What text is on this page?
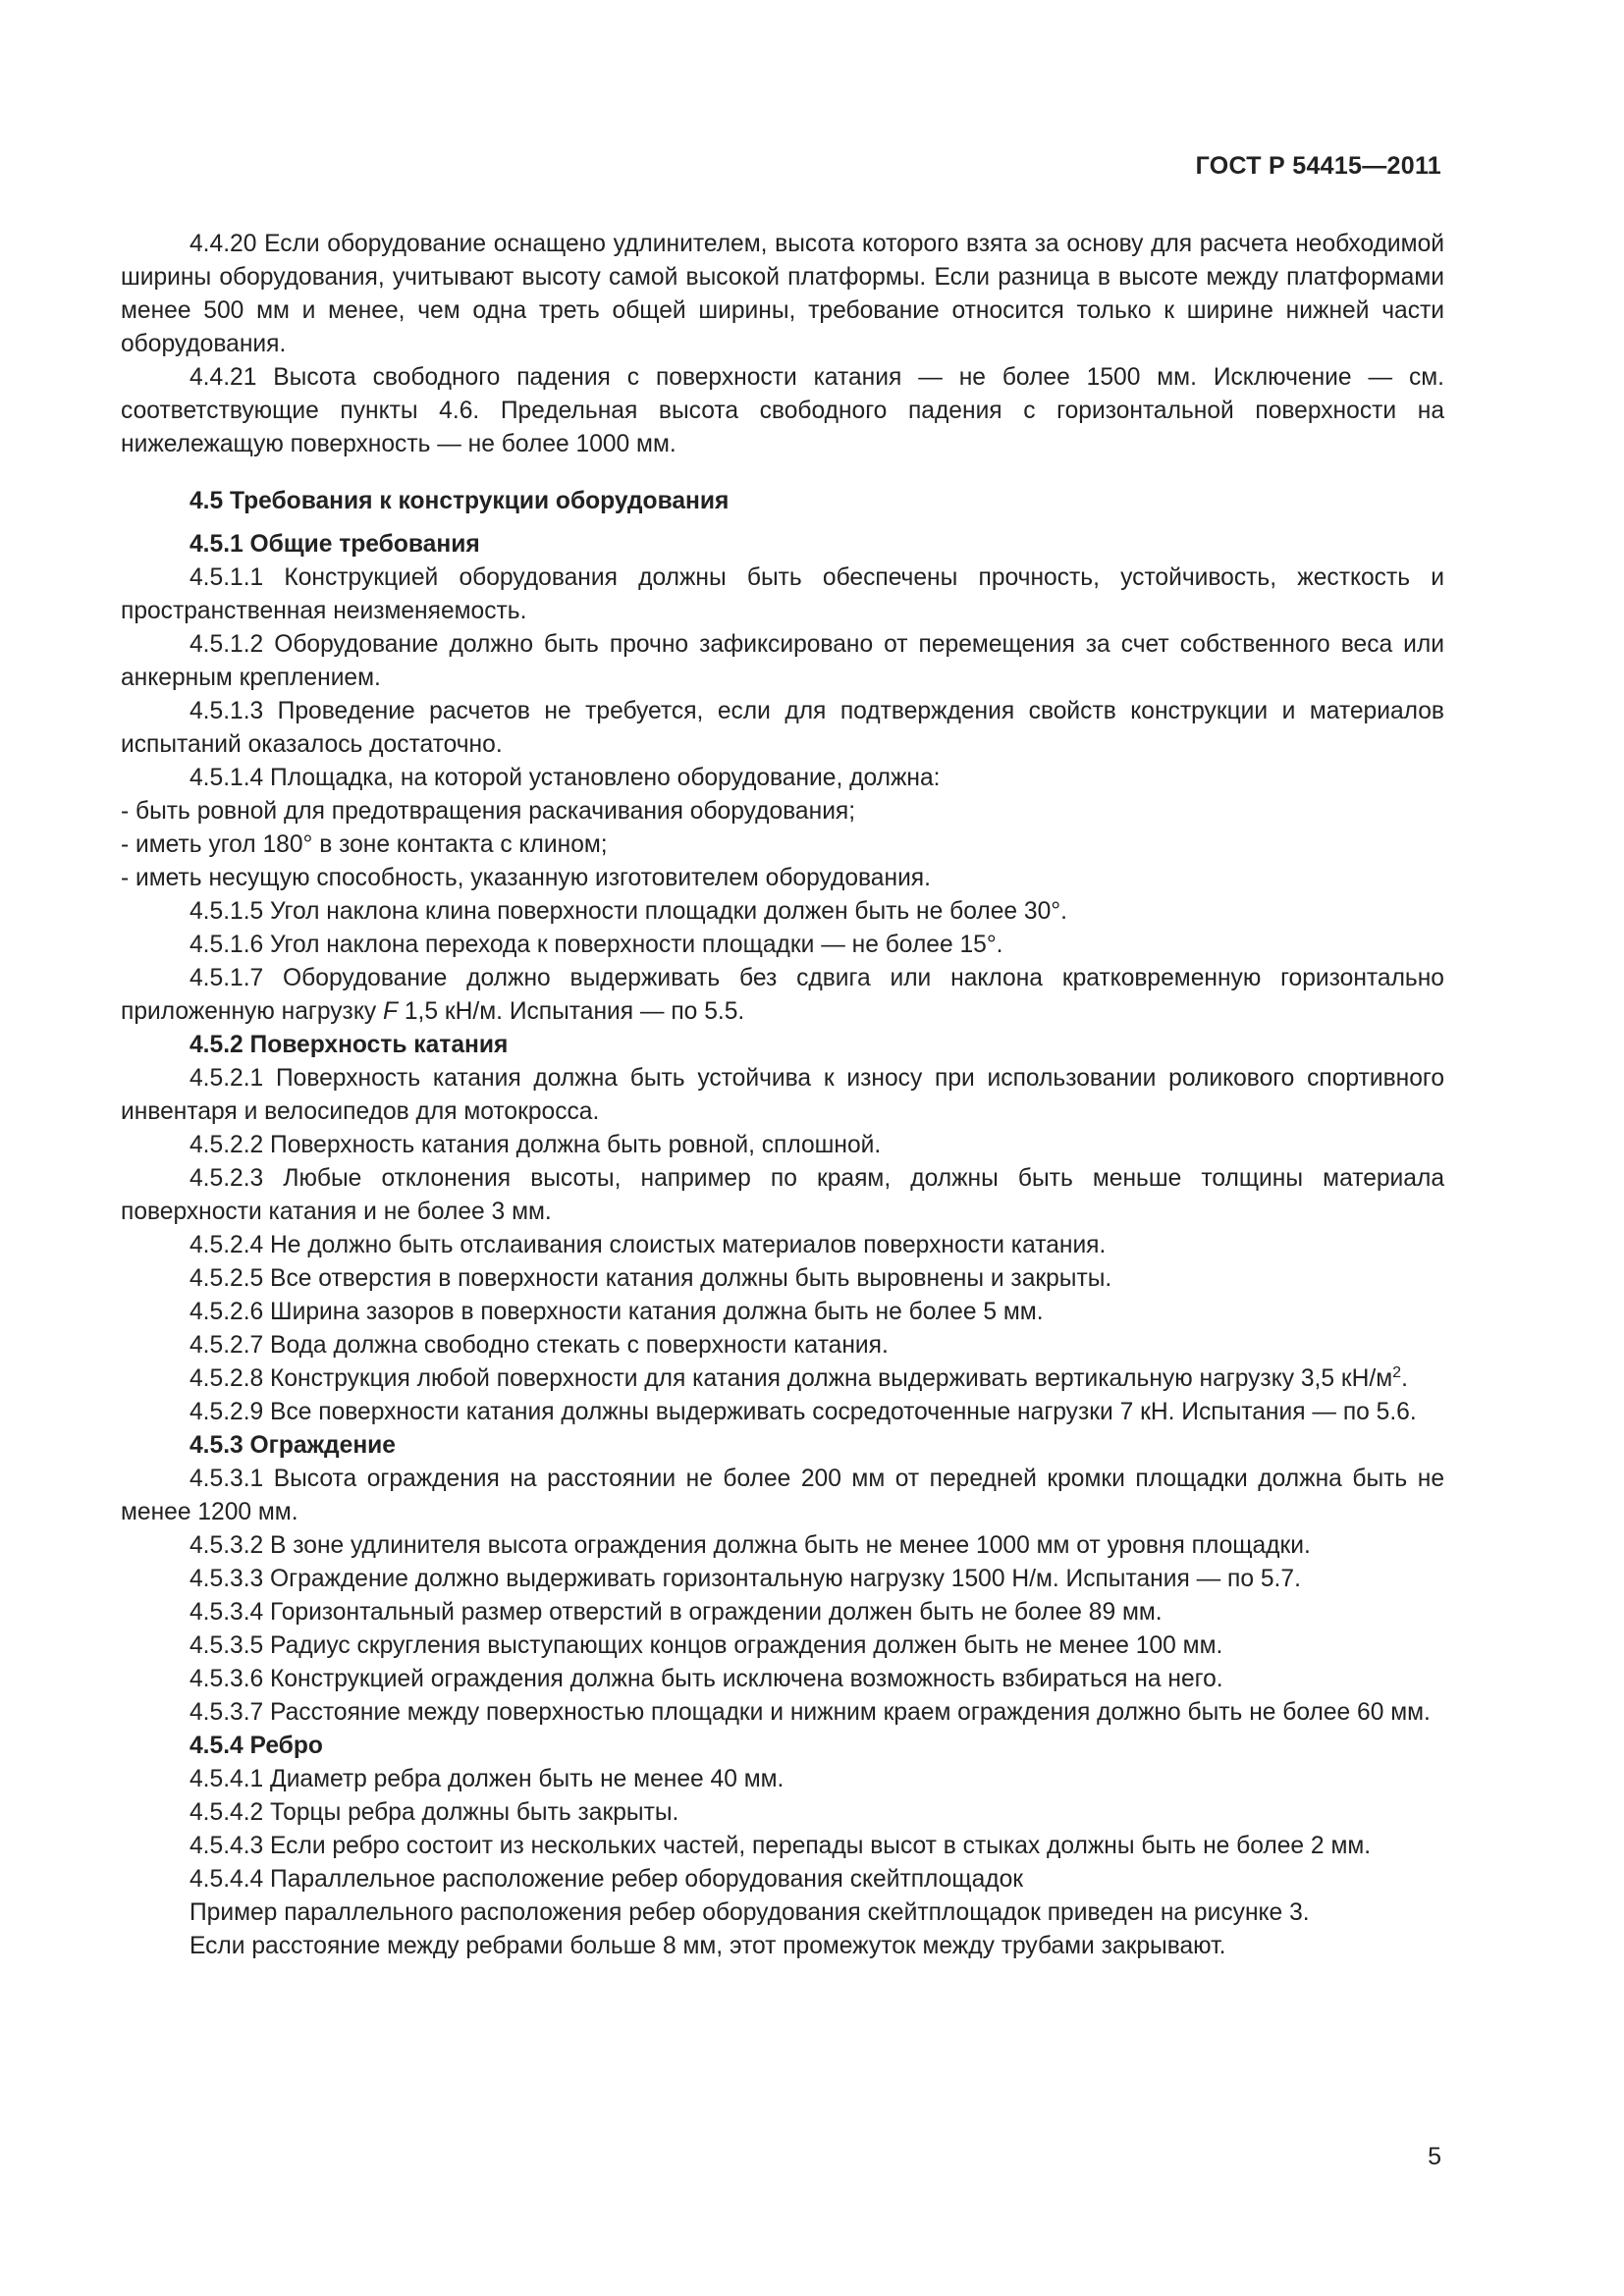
ГОСТ Р 54415—2011

4.4.20 Если оборудование оснащено удлинителем, высота которого взята за основу для расчета необходимой ширины оборудования, учитывают высоту самой высокой платформы. Если разница в высоте между платформами менее 500 мм и менее, чем одна треть общей ширины, требование относится только к ширине нижней части оборудования.

4.4.21 Высота свободного падения с поверхности катания — не более 1500 мм. Исключение — см. соответствующие пункты 4.6. Предельная высота свободного падения с горизонтальной поверхности на нижележащую поверхность — не более 1000 мм.

4.5 Требования к конструкции оборудования

4.5.1 Общие требования

4.5.1.1 Конструкцией оборудования должны быть обеспечены прочность, устойчивость, жесткость и пространственная неизменяемость.

4.5.1.2 Оборудование должно быть прочно зафиксировано от перемещения за счет собственного веса или анкерным креплением.

4.5.1.3 Проведение расчетов не требуется, если для подтверждения свойств конструкции и материалов испытаний оказалось достаточно.

4.5.1.4 Площадка, на которой установлено оборудование, должна:

- быть ровной для предотвращения раскачивания оборудования;

- иметь угол 180° в зоне контакта с клином;

- иметь несущую способность, указанную изготовителем оборудования.

4.5.1.5 Угол наклона клина поверхности площадки должен быть не более 30°.

4.5.1.6 Угол наклона перехода к поверхности площадки — не более 15°.

4.5.1.7 Оборудование должно выдерживать без сдвига или наклона кратковременную горизонтально приложенную нагрузку F 1,5 кН/м. Испытания — по 5.5.

4.5.2 Поверхность катания

4.5.2.1 Поверхность катания должна быть устойчива к износу при использовании роликового спортивного инвентаря и велосипедов для мотокросса.

4.5.2.2 Поверхность катания должна быть ровной, сплошной.

4.5.2.3 Любые отклонения высоты, например по краям, должны быть меньше толщины материала поверхности катания и не более 3 мм.

4.5.2.4 Не должно быть отслаивания слоистых материалов поверхности катания.

4.5.2.5 Все отверстия в поверхности катания должны быть выровнены и закрыты.

4.5.2.6 Ширина зазоров в поверхности катания должна быть не более 5 мм.

4.5.2.7 Вода должна свободно стекать с поверхности катания.

4.5.2.8 Конструкция любой поверхности для катания должна выдерживать вертикальную нагрузку 3,5 $кН/м^2$.

4.5.2.9 Все поверхности катания должны выдерживать сосредоточенные нагрузки 7 кН. Испытания — по 5.6.

4.5.3 Ограждение

4.5.3.1 Высота ограждения на расстоянии не более 200 мм от передней кромки площадки должна быть не менее 1200 мм.

4.5.3.2 В зоне удлинителя высота ограждения должна быть не менее 1000 мм от уровня площадки.

4.5.3.3 Ограждение должно выдерживать горизонтальную нагрузку 1500 Н/м. Испытания — по 5.7.

4.5.3.4 Горизонтальный размер отверстий в ограждении должен быть не более 89 мм.

4.5.3.5 Радиус скругления выступающих концов ограждения должен быть не менее 100 мм.

4.5.3.6 Конструкцией ограждения должна быть исключена возможность взбираться на него.

4.5.3.7 Расстояние между поверхностью площадки и нижним краем ограждения должно быть не более 60 мм.

4.5.4 Ребро

4.5.4.1 Диаметр ребра должен быть не менее 40 мм.

4.5.4.2 Торцы ребра должны быть закрыты.

4.5.4.3 Если ребро состоит из нескольких частей, перепады высот в стыках должны быть не более 2 мм.

4.5.4.4 Параллельное расположение ребер оборудования скейтплощадок

Пример параллельного расположения ребер оборудования скейтплощадок приведен на рисунке 3.

Если расстояние между ребрами больше 8 мм, этот промежуток между трубами закрывают.

5
